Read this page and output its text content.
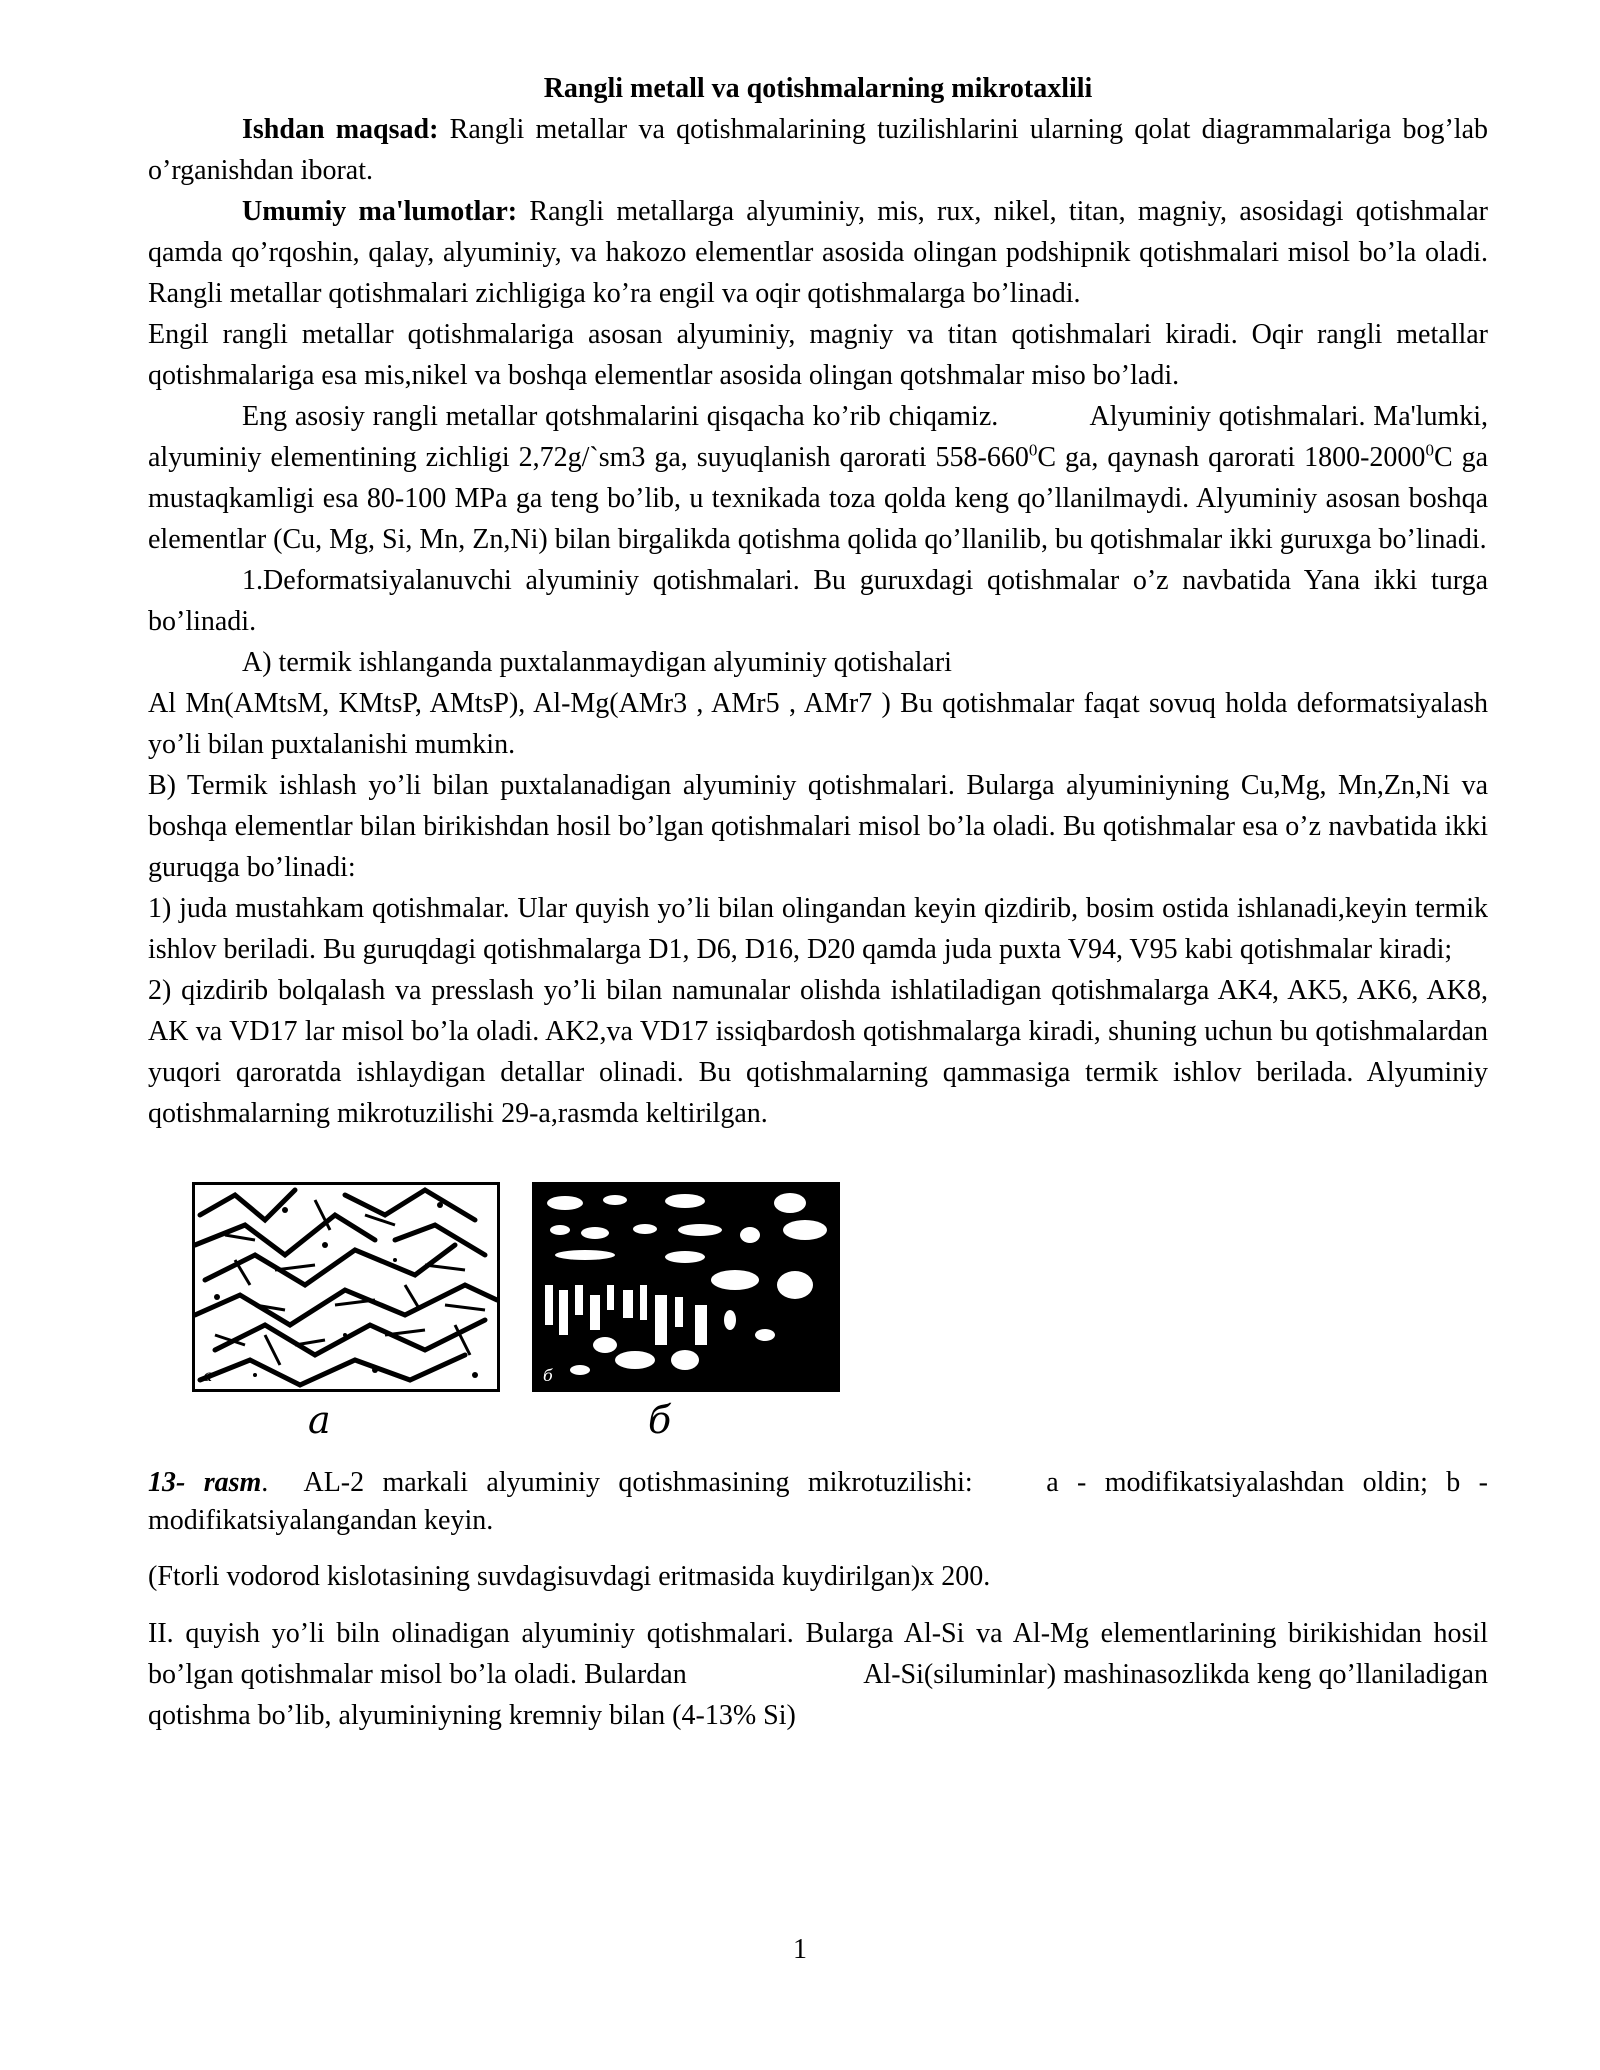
Rangli metall va qotishmalarning mikrotaxlili

Ishdan maqsad: Rangli metallar va qotishmalarining tuzilishlarini ularning qolat diagrammalariga bog’lab o’rganishdan iborat.

Umumiy ma'lumotlar: Rangli metallarga alyuminiy, mis, rux, nikel, titan, magniy, asosidagi qotishmalar qamda qo’rqoshin, qalay, alyuminiy, va hakozo elementlar asosida olingan podshipnik qotishmalari misol bo’la oladi.      Rangli metallar qotishmalari zichligiga ko’ra engil va oqir qotishmalarga bo’linadi.

Engil rangli metallar qotishmalariga asosan alyuminiy, magniy va titan qotishmalari kiradi. Oqir rangli metallar qotishmalariga esa mis,nikel va boshqa elementlar asosida olingan qotshmalar miso bo’ladi.

Eng asosiy rangli metallar qotshmalarini qisqacha ko’rib chiqamiz.            Alyuminiy qotishmalari. Ma'lumki, alyuminiy elementining zichligi 2,72g/`sm3 ga, suyuqlanish qarorati $558-660^0C$ ga, qaynash qarorati 1800-2000$^0$C ga mustaqkamligi esa 80-100 MPa ga teng bo’lib, u texnikada toza qolda keng qo’llanilmaydi. Alyuminiy asosan boshqa elementlar (Cu, Mg, Si, Mn, Zn,Ni) bilan birgalikda qotishma qolida qo’llanilib, bu qotishmalar ikki guruxga bo’linadi.

1.Deformatsiyalanuvchi alyuminiy qotishmalari. Bu guruxdagi qotishmalar o’z navbatida Yana ikki turga bo’linadi.

A) termik ishlanganda puxtalanmaydigan alyuminiy qotishalari

Al Mn(AMtsM, KMtsP, AMtsP), Al-Mg(AMr3 , AMr5 , AMr7 ) Bu qotishmalar faqat sovuq holda deformatsiyalash yo’li bilan puxtalanishi mumkin.

B) Termik ishlash yo’li bilan puxtalanadigan alyuminiy qotishmalari. Bularga alyuminiyning Cu,Mg, Mn,Zn,Ni va boshqa elementlar bilan birikishdan hosil bo’lgan qotishmalari misol bo’la oladi. Bu qotishmalar esa o’z navbatida ikki guruqga bo’linadi:

1) juda mustahkam qotishmalar. Ular quyish yo’li bilan olingandan keyin qizdirib, bosim ostida ishlanadi,keyin termik ishlov beriladi. Bu guruqdagi qotishmalarga D1, D6, D16, D20 qamda juda puxta V94, V95 kabi qotishmalar kiradi;

2) qizdirib bolqalash va presslash yo’li bilan namunalar olishda ishlatiladigan qotishmalarga AK4, AK5, AK6, AK8, AK va VD17 lar misol bo’la oladi. AK2,va VD17 issiqbardosh qotishmalarga kiradi, shuning uchun bu qotishmalardan yuqori qaroratda ishlaydigan detallar olinadi. Bu qotishmalarning qammasiga termik ishlov berilada. Alyuminiy qotishmalarning mikrotuzilishi 29-a,rasmda keltirilgan.

a	б
a	б

13- rasm.  AL-2 markali alyuminiy qotishmasining mikrotuzilishi:    a - modifikatsiyalashdan oldin; b - modifikatsiyalangandan keyin.

(Ftorli vodorod kislotasining suvdagisuvdagi eritmasida kuydirilgan)x 200.

II. quyish yo’li biln olinadigan alyuminiy qotishmalari. Bularga Al-Si va Al-Mg elementlarining birikishidan hosil bo’lgan qotishmalar misol bo’la oladi. Bulardan                         Al-Si(siluminlar) mashinasozlikda keng qo’llaniladigan qotishma bo’lib, alyuminiyning kremniy bilan (4-13% Si)

1
